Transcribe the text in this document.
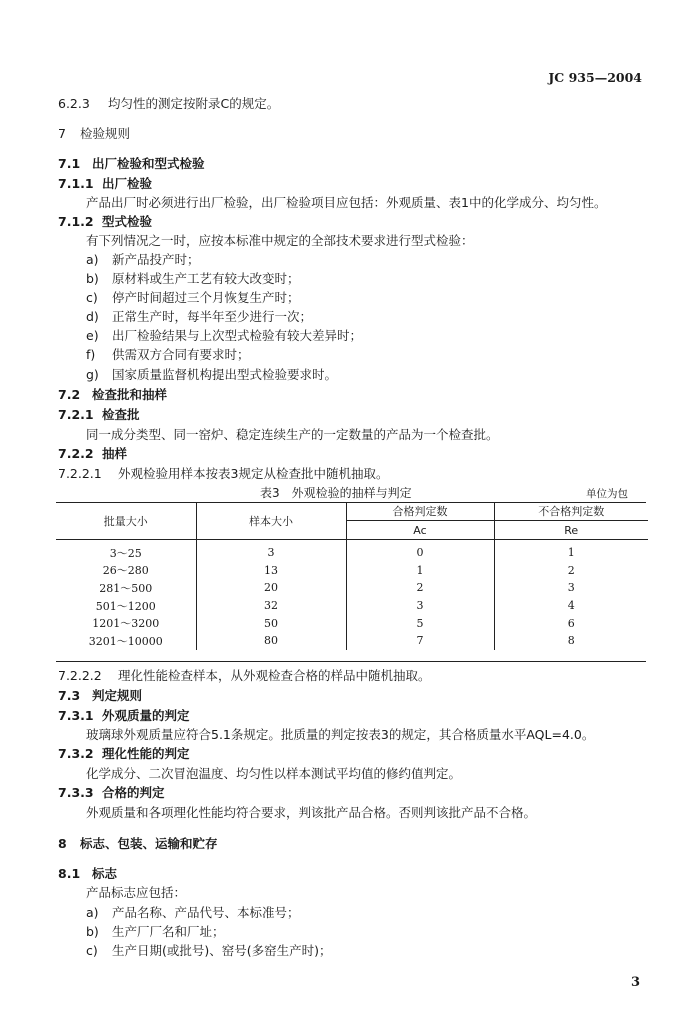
JC 935—2004
6.2.3 均匀性的测定按附录C的规定。
7 检验规则
7.1 出厂检验和型式检验
7.1.1 出厂检验
产品出厂时必须进行出厂检验，出厂检验项目应包括：外观质量、表1中的化学成分、均匀性。
7.1.2 型式检验
有下列情况之一时，应按本标准中规定的全部技术要求进行型式检验：
a) 新产品投产时；
b) 原材料或生产工艺有较大改变时；
c) 停产时间超过三个月恢复生产时；
d) 正常生产时，每半年至少进行一次；
e) 出厂检验结果与上次型式检验有较大差异时；
f) 供需双方合同有要求时；
g) 国家质量监督机构提出型式检验要求时。
7.2 检查批和抽样
7.2.1 检查批
同一成分类型、同一窑炉、稳定连续生产的一定数量的产品为一个检查批。
7.2.2 抽样
7.2.2.1 外观检验用样本按表3规定从检查批中随机抽取。
表3　外观检验的抽样与判定	单位为包
批量大小	样本大小	合格判定数	不合格判定数
		Ac	Re
3～25	3	0	1
26～280	13	1	2
281～500	20	2	3
501～1200	32	3	4
1201～3200	50	5	6
3201～10000	80	7	8
7.2.2.2 理化性能检查样本，从外观检查合格的样品中随机抽取。
7.3 判定规则
7.3.1 外观质量的判定
玻璃球外观质量应符合5.1条规定。批质量的判定按表3的规定，其合格质量水平AQL=4.0。
7.3.2 理化性能的判定
化学成分、二次冒泡温度、均匀性以样本测试平均值的修约值判定。
7.3.3 合格的判定
外观质量和各项理化性能均符合要求，判该批产品合格。否则判该批产品不合格。
8 标志、包装、运输和贮存
8.1 标志
产品标志应包括：
a) 产品名称、产品代号、本标准号；
b) 生产厂厂名和厂址；
c) 生产日期(或批号)、窑号(多窑生产时)；
3
